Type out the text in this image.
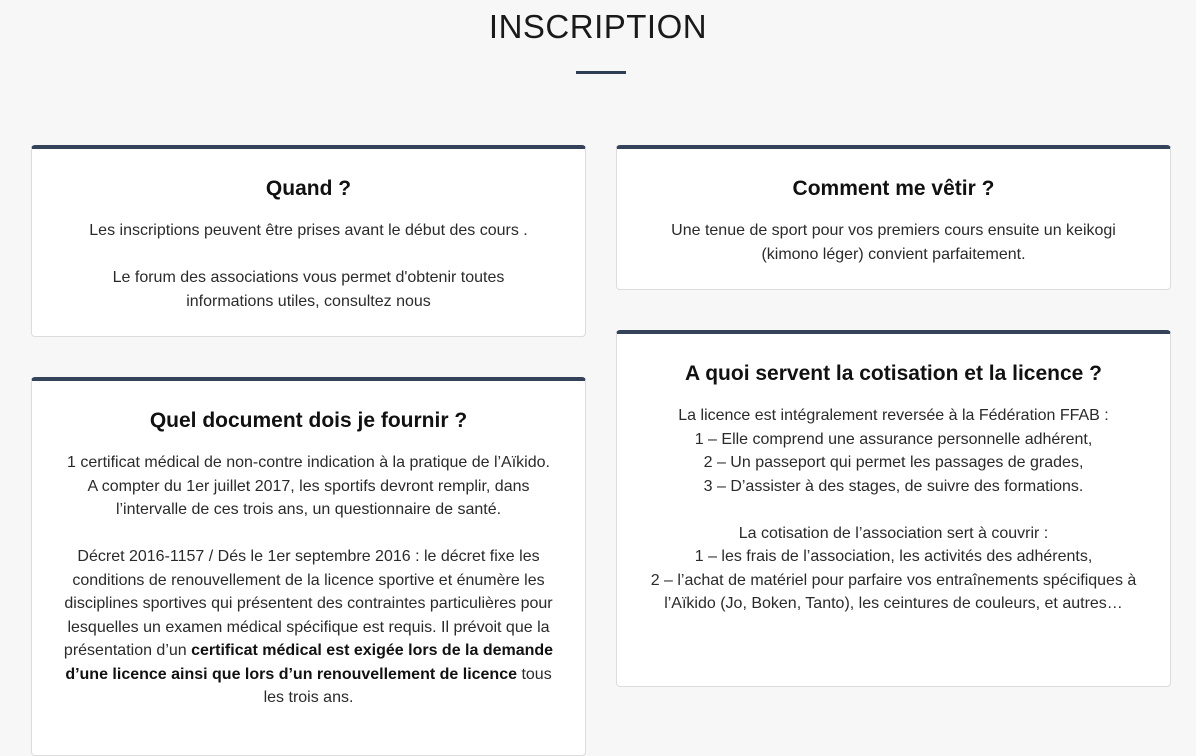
INSCRIPTION
Quand ?

Les inscriptions peuvent être prises avant le début des cours .

Le forum des associations vous permet d'obtenir toutes informations utiles, consultez nous

Comment me vêtir ?

Une tenue de sport pour vos premiers cours ensuite un keikogi (kimono léger) convient parfaitement.

Quel document dois je fournir ?

1 certificat médical de non-contre indication à la pratique de l’Aïkido.
A compter du 1er juillet 2017, les sportifs devront remplir, dans l’intervalle de ces trois ans, un questionnaire de santé.

Décret 2016-1157 / Dés le 1er septembre 2016 : le décret fixe les conditions de renouvellement de la licence sportive et énumère les disciplines sportives qui présentent des contraintes particulières pour lesquelles un examen médical spécifique est requis. Il prévoit que la présentation d’un certificat médical est exigée lors de la demande d’une licence ainsi que lors d’un renouvellement de licence tous les trois ans.

A quoi servent la cotisation et la licence ?

La licence est intégralement reversée à la Fédération FFAB :
1 – Elle comprend une assurance personnelle adhérent,
2 – Un passeport qui permet les passages de grades,
3 – D’assister à des stages, de suivre des formations.

La cotisation de l’association sert à couvrir :
1 – les frais de l’association, les activités des adhérents,
2 – l’achat de matériel pour parfaire vos entraînements spécifiques à l’Aïkido (Jo, Boken, Tanto), les ceintures de couleurs, et autres…
